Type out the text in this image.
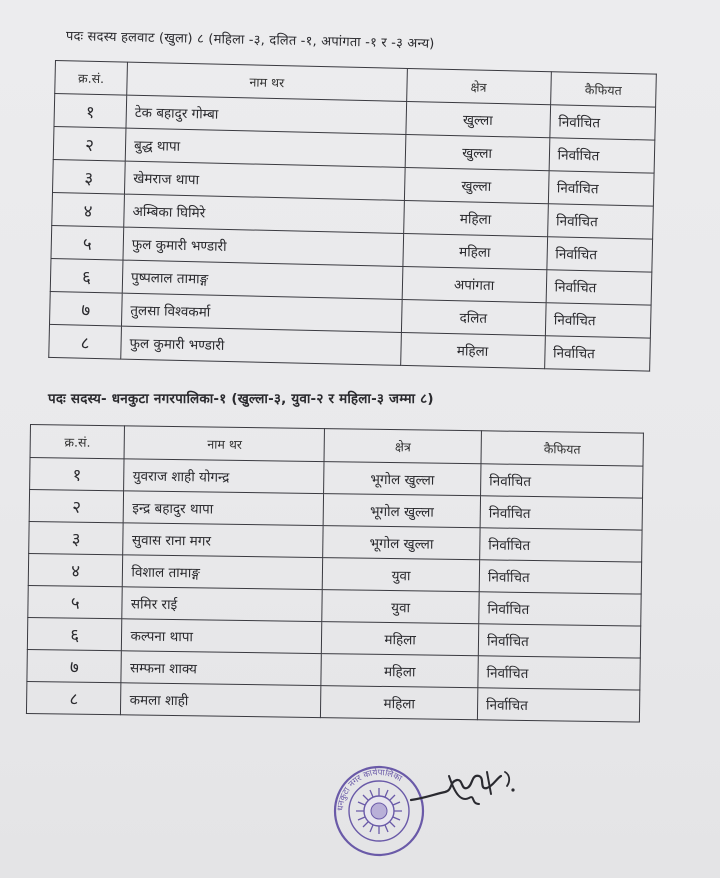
पदः सदस्य हलवाट (खुला) ८ (महिला -३, दलित -१, अपांगता -१ र -३ अन्य)
क्र.सं.	नाम थर	क्षेत्र	कैफियत
१	टेक बहादुर गोम्बा	खुल्ला	निर्वाचित
२	बुद्ध थापा	खुल्ला	निर्वाचित
३	खेमराज थापा	खुल्ला	निर्वाचित
४	अम्बिका घिमिरे	महिला	निर्वाचित
५	फुल कुमारी भण्डारी	महिला	निर्वाचित
६	पुष्पलाल तामाङ्ग	अपांगता	निर्वाचित
७	तुलसा विश्वकर्मा	दलित	निर्वाचित
८	फुल कुमारी भण्डारी	महिला	निर्वाचित
पदः सदस्य- धनकुटा नगरपालिका-१ (खुल्ला-३, युवा-२ र महिला-३ जम्मा ८)
क्र.सं.	नाम थर	क्षेत्र	कैफियत
१	युवराज शाही योगन्द्र	भूगोल खुल्ला	निर्वाचित
२	इन्द्र बहादुर थापा	भूगोल खुल्ला	निर्वाचित
३	सुवास राना मगर	भूगोल खुल्ला	निर्वाचित
४	विशाल तामाङ्ग	युवा	निर्वाचित
५	समिर राई	युवा	निर्वाचित
६	कल्पना थापा	महिला	निर्वाचित
७	सम्फना शाक्य	महिला	निर्वाचित
८	कमला शाही	महिला	निर्वाचित
धनकुटा नगर कार्यपालिका
